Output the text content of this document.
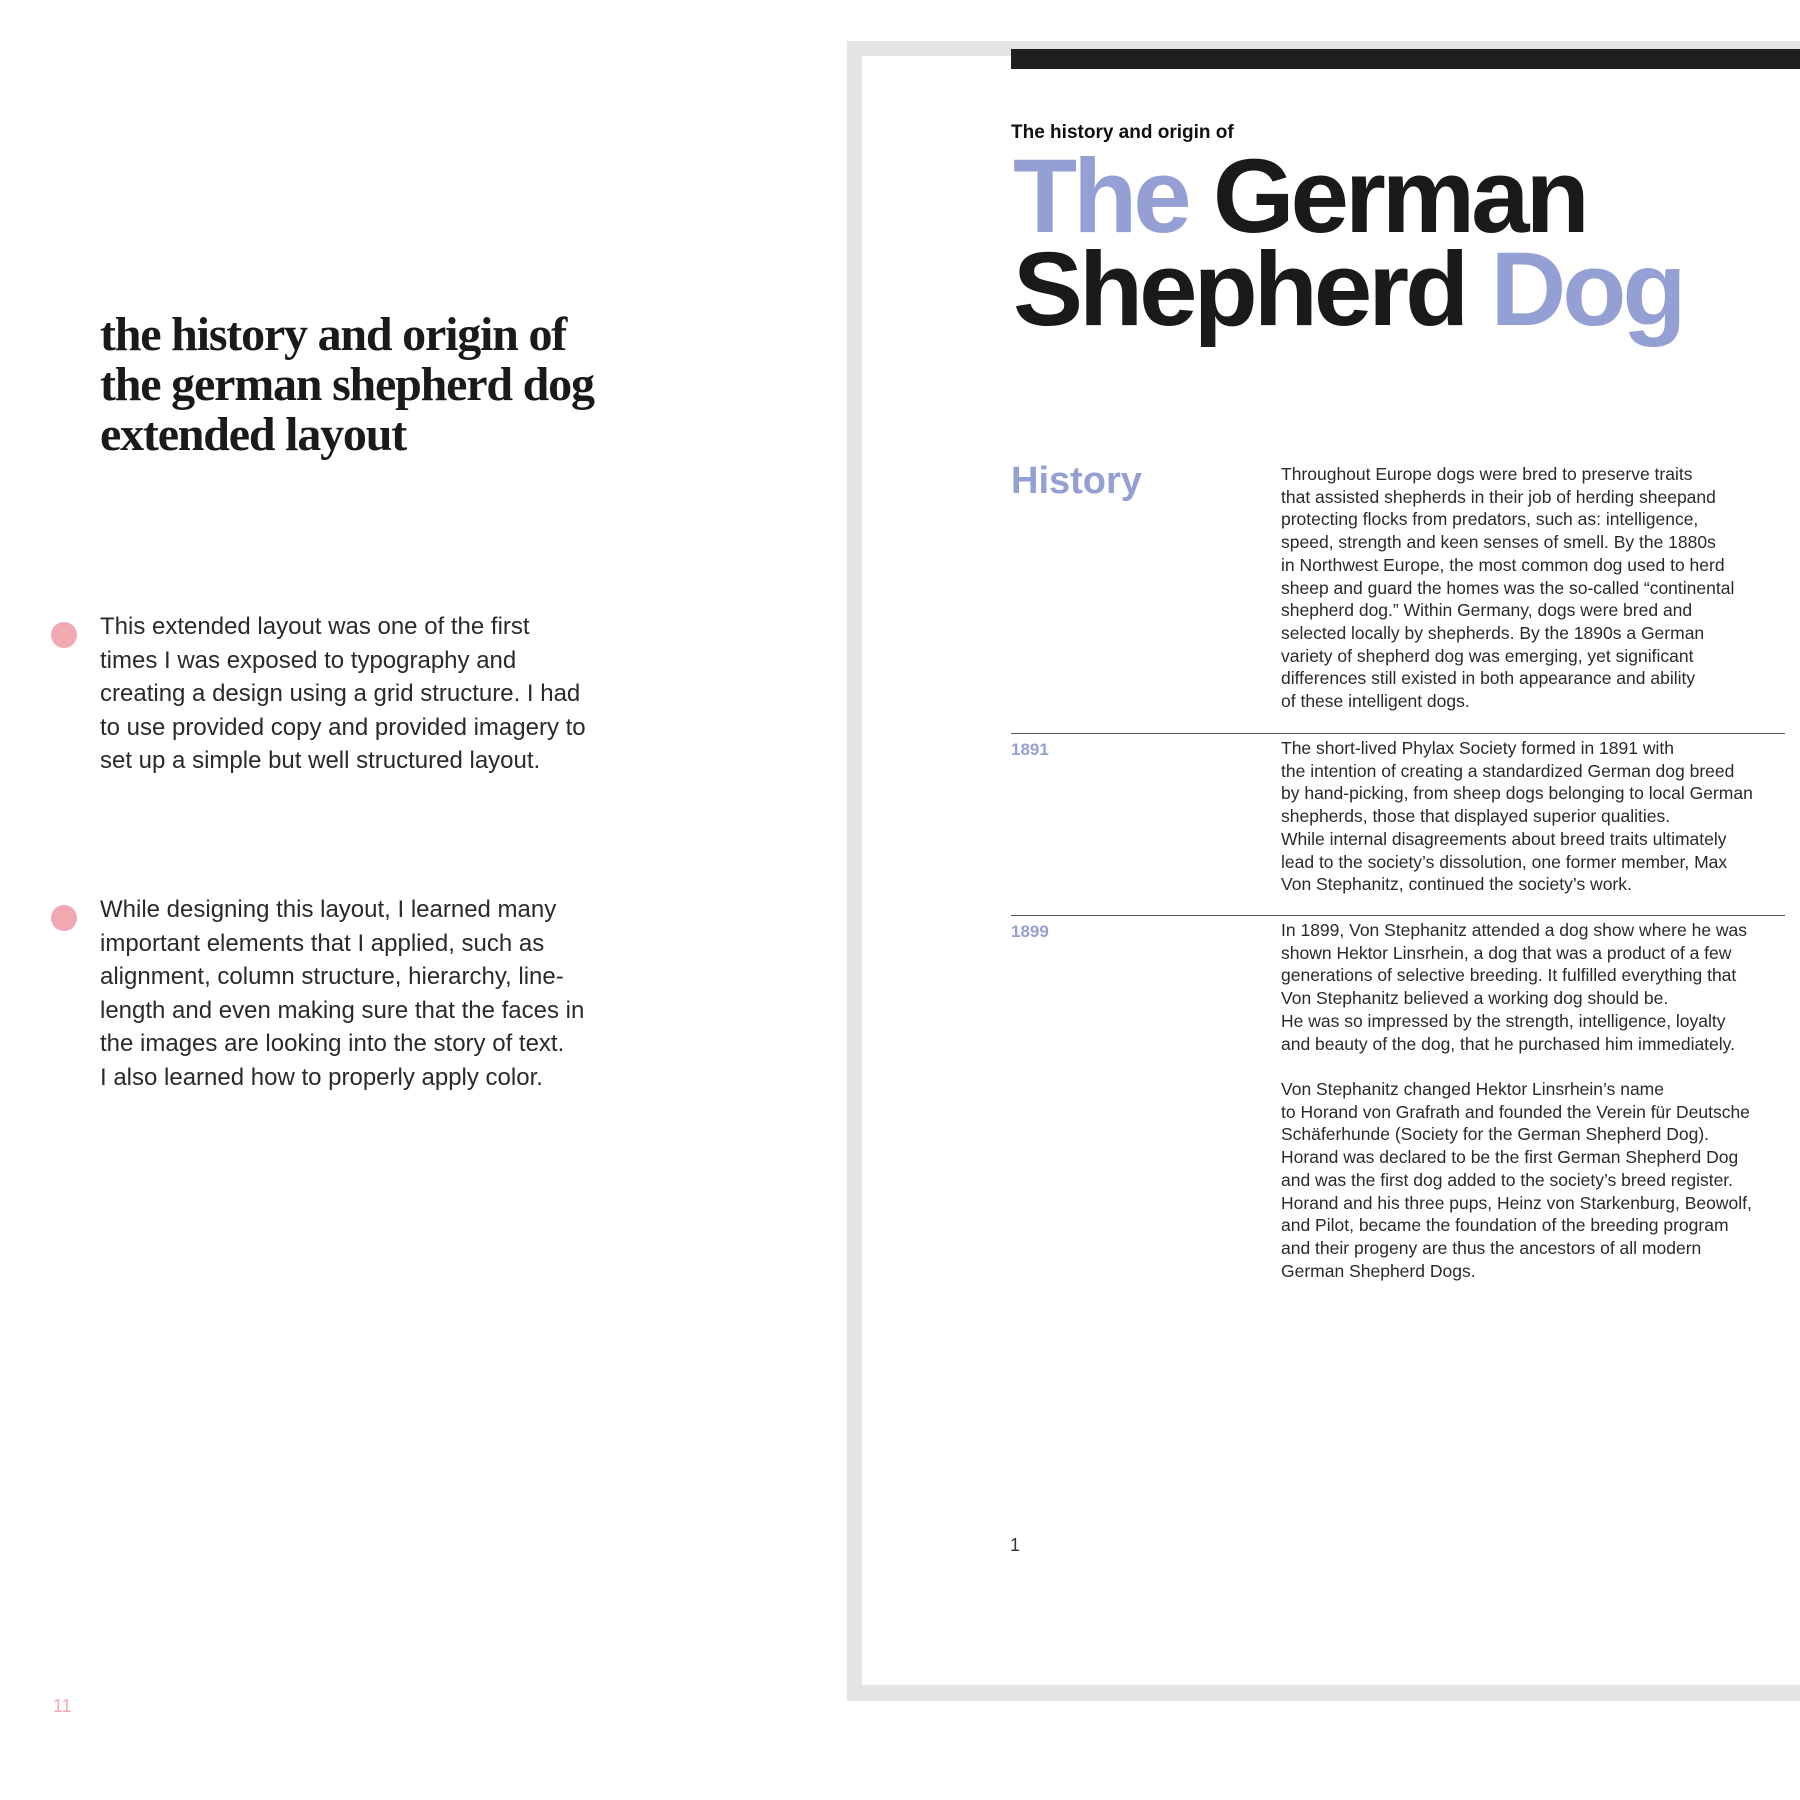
the history and origin of
the german shepherd dog
extended layout

This extended layout was one of the first
times I was exposed to typography and
creating a design using a grid structure. I had
to use provided copy and provided imagery to
set up a simple but well structured layout.

While designing this layout, I learned many
important elements that I applied, such as
alignment, column structure, hierarchy, line-
length and even making sure that the faces in
the images are looking into the story of text.
I also learned how to properly apply color.

11
The history and origin of
The German
Shepherd Dog
History	Throughout Europe dogs were bred to preserve traits
that assisted shepherds in their job of herding sheepand
protecting flocks from predators, such as: intelligence,
speed, strength and keen senses of smell. By the 1880s
in Northwest Europe, the most common dog used to herd
sheep and guard the homes was the so-called “continental
shepherd dog.” Within Germany, dogs were bred and
selected locally by shepherds. By the 1890s a German
variety of shepherd dog was emerging, yet significant
differences still existed in both appearance and ability
of these intelligent dogs.
1891	The short-lived Phylax Society formed in 1891 with
the intention of creating a standardized German dog breed
by hand-picking, from sheep dogs belonging to local German
shepherds, those that displayed superior qualities.
While internal disagreements about breed traits ultimately
lead to the society’s dissolution, one former member, Max
Von Stephanitz, continued the society’s work.
1899	In 1899, Von Stephanitz attended a dog show where he was
shown Hektor Linsrhein, a dog that was a product of a few
generations of selective breeding. It fulfilled everything that
Von Stephanitz believed a working dog should be.
He was so impressed by the strength, intelligence, loyalty
and beauty of the dog, that he purchased him immediately.
Von Stephanitz changed Hektor Linsrhein’s name
to Horand von Grafrath and founded the Verein für Deutsche
Schäferhunde (Society for the German Shepherd Dog).
Horand was declared to be the first German Shepherd Dog
and was the first dog added to the society’s breed register.
Horand and his three pups, Heinz von Starkenburg, Beowolf,
and Pilot, became the foundation of the breeding program
and their progeny are thus the ancestors of all modern
German Shepherd Dogs.
1
